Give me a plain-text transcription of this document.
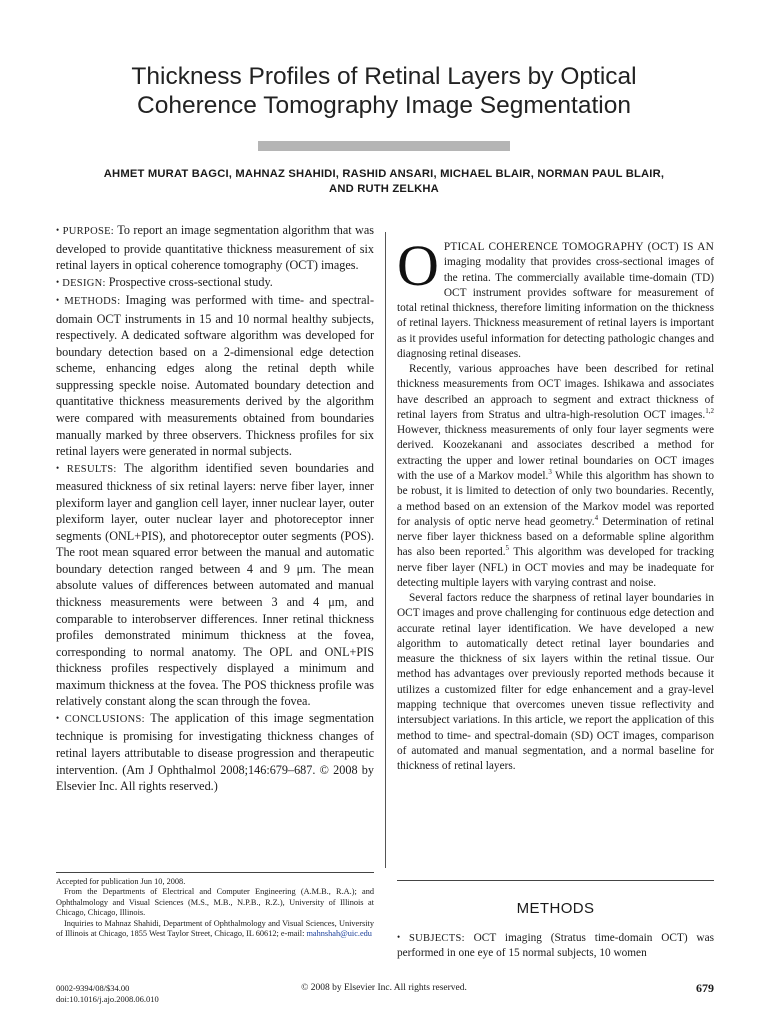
Thickness Profiles of Retinal Layers by Optical
Coherence Tomography Image Segmentation
AHMET MURAT BAGCI, MAHNAZ SHAHIDI, RASHID ANSARI, MICHAEL BLAIR, NORMAN PAUL BLAIR,
AND RUTH ZELKHA

• PURPOSE: To report an image segmentation algorithm that was developed to provide quantitative thickness measurement of six retinal layers in optical coherence tomography (OCT) images.

• DESIGN: Prospective cross-sectional study.

• METHODS: Imaging was performed with time- and spectral-domain OCT instruments in 15 and 10 normal healthy subjects, respectively. A dedicated software algorithm was developed for boundary detection based on a 2-dimensional edge detection scheme, enhancing edges along the retinal depth while suppressing speckle noise. Automated boundary detection and quantitative thickness measurements derived by the algorithm were compared with measurements obtained from boundaries manually marked by three observers. Thickness profiles for six retinal layers were generated in normal subjects.

• RESULTS: The algorithm identified seven boundaries and measured thickness of six retinal layers: nerve fiber layer, inner plexiform layer and ganglion cell layer, inner nuclear layer, outer plexiform layer, outer nuclear layer and photoreceptor inner segments (ONL+PIS), and photoreceptor outer segments (POS). The root mean squared error between the manual and automatic boundary detection ranged between 4 and 9 μm. The mean absolute values of differences between automated and manual thickness measurements were between 3 and 4 μm, and comparable to interobserver differences. Inner retinal thickness profiles demonstrated minimum thickness at the fovea, corresponding to normal anatomy. The OPL and ONL+PIS thickness profiles respectively displayed a minimum and maximum thickness at the fovea. The POS thickness profile was relatively constant along the scan through the fovea.

• CONCLUSIONS: The application of this image segmentation technique is promising for investigating thickness changes of retinal layers attributable to disease progression and therapeutic intervention. (Am J Ophthalmol 2008;146:679–687. © 2008 by Elsevier Inc. All rights reserved.)

OPTICAL COHERENCE TOMOGRAPHY (OCT) IS AN imaging modality that provides cross-sectional images of the retina. The commercially available time-domain (TD) OCT instrument provides software for measurement of total retinal thickness, therefore limiting information on the thickness of retinal layers. Thickness measurement of retinal layers is important as it provides useful information for detecting pathologic changes and diagnosing retinal diseases.

Recently, various approaches have been described for retinal thickness measurements from OCT images. Ishikawa and associates have described an approach to segment and extract thickness of retinal layers from Stratus and ultra-high-resolution OCT images.$^{1,2}$ However, thickness measurements of only four layer segments were derived. Koozekanani and associates described a method for extracting the upper and lower retinal boundaries on OCT images with the use of a Markov model.$^3$ While this algorithm has shown to be robust, it is limited to detection of only two boundaries. Recently, a method based on an extension of the Markov model was reported for analysis of optic nerve head geometry.$^4$ Determination of retinal nerve fiber layer thickness based on a deformable spline algorithm has also been reported.$^5$ This algorithm was developed for tracking nerve fiber layer (NFL) in OCT movies and may be inadequate for detecting multiple layers with varying contrast and noise.

Several factors reduce the sharpness of retinal layer boundaries in OCT images and prove challenging for continuous edge detection and accurate retinal layer identification. We have developed a new algorithm to automatically detect retinal layer boundaries and measure the thickness of six layers within the retinal tissue. Our method has advantages over previously reported methods because it utilizes a customized filter for edge enhancement and a gray-level mapping technique that overcomes uneven tissue reflectivity and intersubject variations. In this article, we report the application of this method to time- and spectral-domain (SD) OCT images, comparison of automated and manual segmentation, and a normal baseline for thickness of retinal layers.

Accepted for publication Jun 10, 2008.

From the Departments of Electrical and Computer Engineering (A.M.B., R.A.); and Ophthalmology and Visual Sciences (M.S., M.B., N.P.B., R.Z.), University of Illinois at Chicago, Chicago, Illinois.

Inquiries to Mahnaz Shahidi, Department of Ophthalmology and Visual Sciences, University of Illinois at Chicago, 1855 West Taylor Street, Chicago, IL 60612; e-mail: mahnshah@uic.edu

METHODS

• SUBJECTS: OCT imaging (Stratus time-domain OCT) was performed in one eye of 15 normal subjects, 10 women

0002-9394/08/$34.00
doi:10.1016/j.ajo.2008.06.010
© 2008 by Elsevier Inc. All rights reserved.	679
